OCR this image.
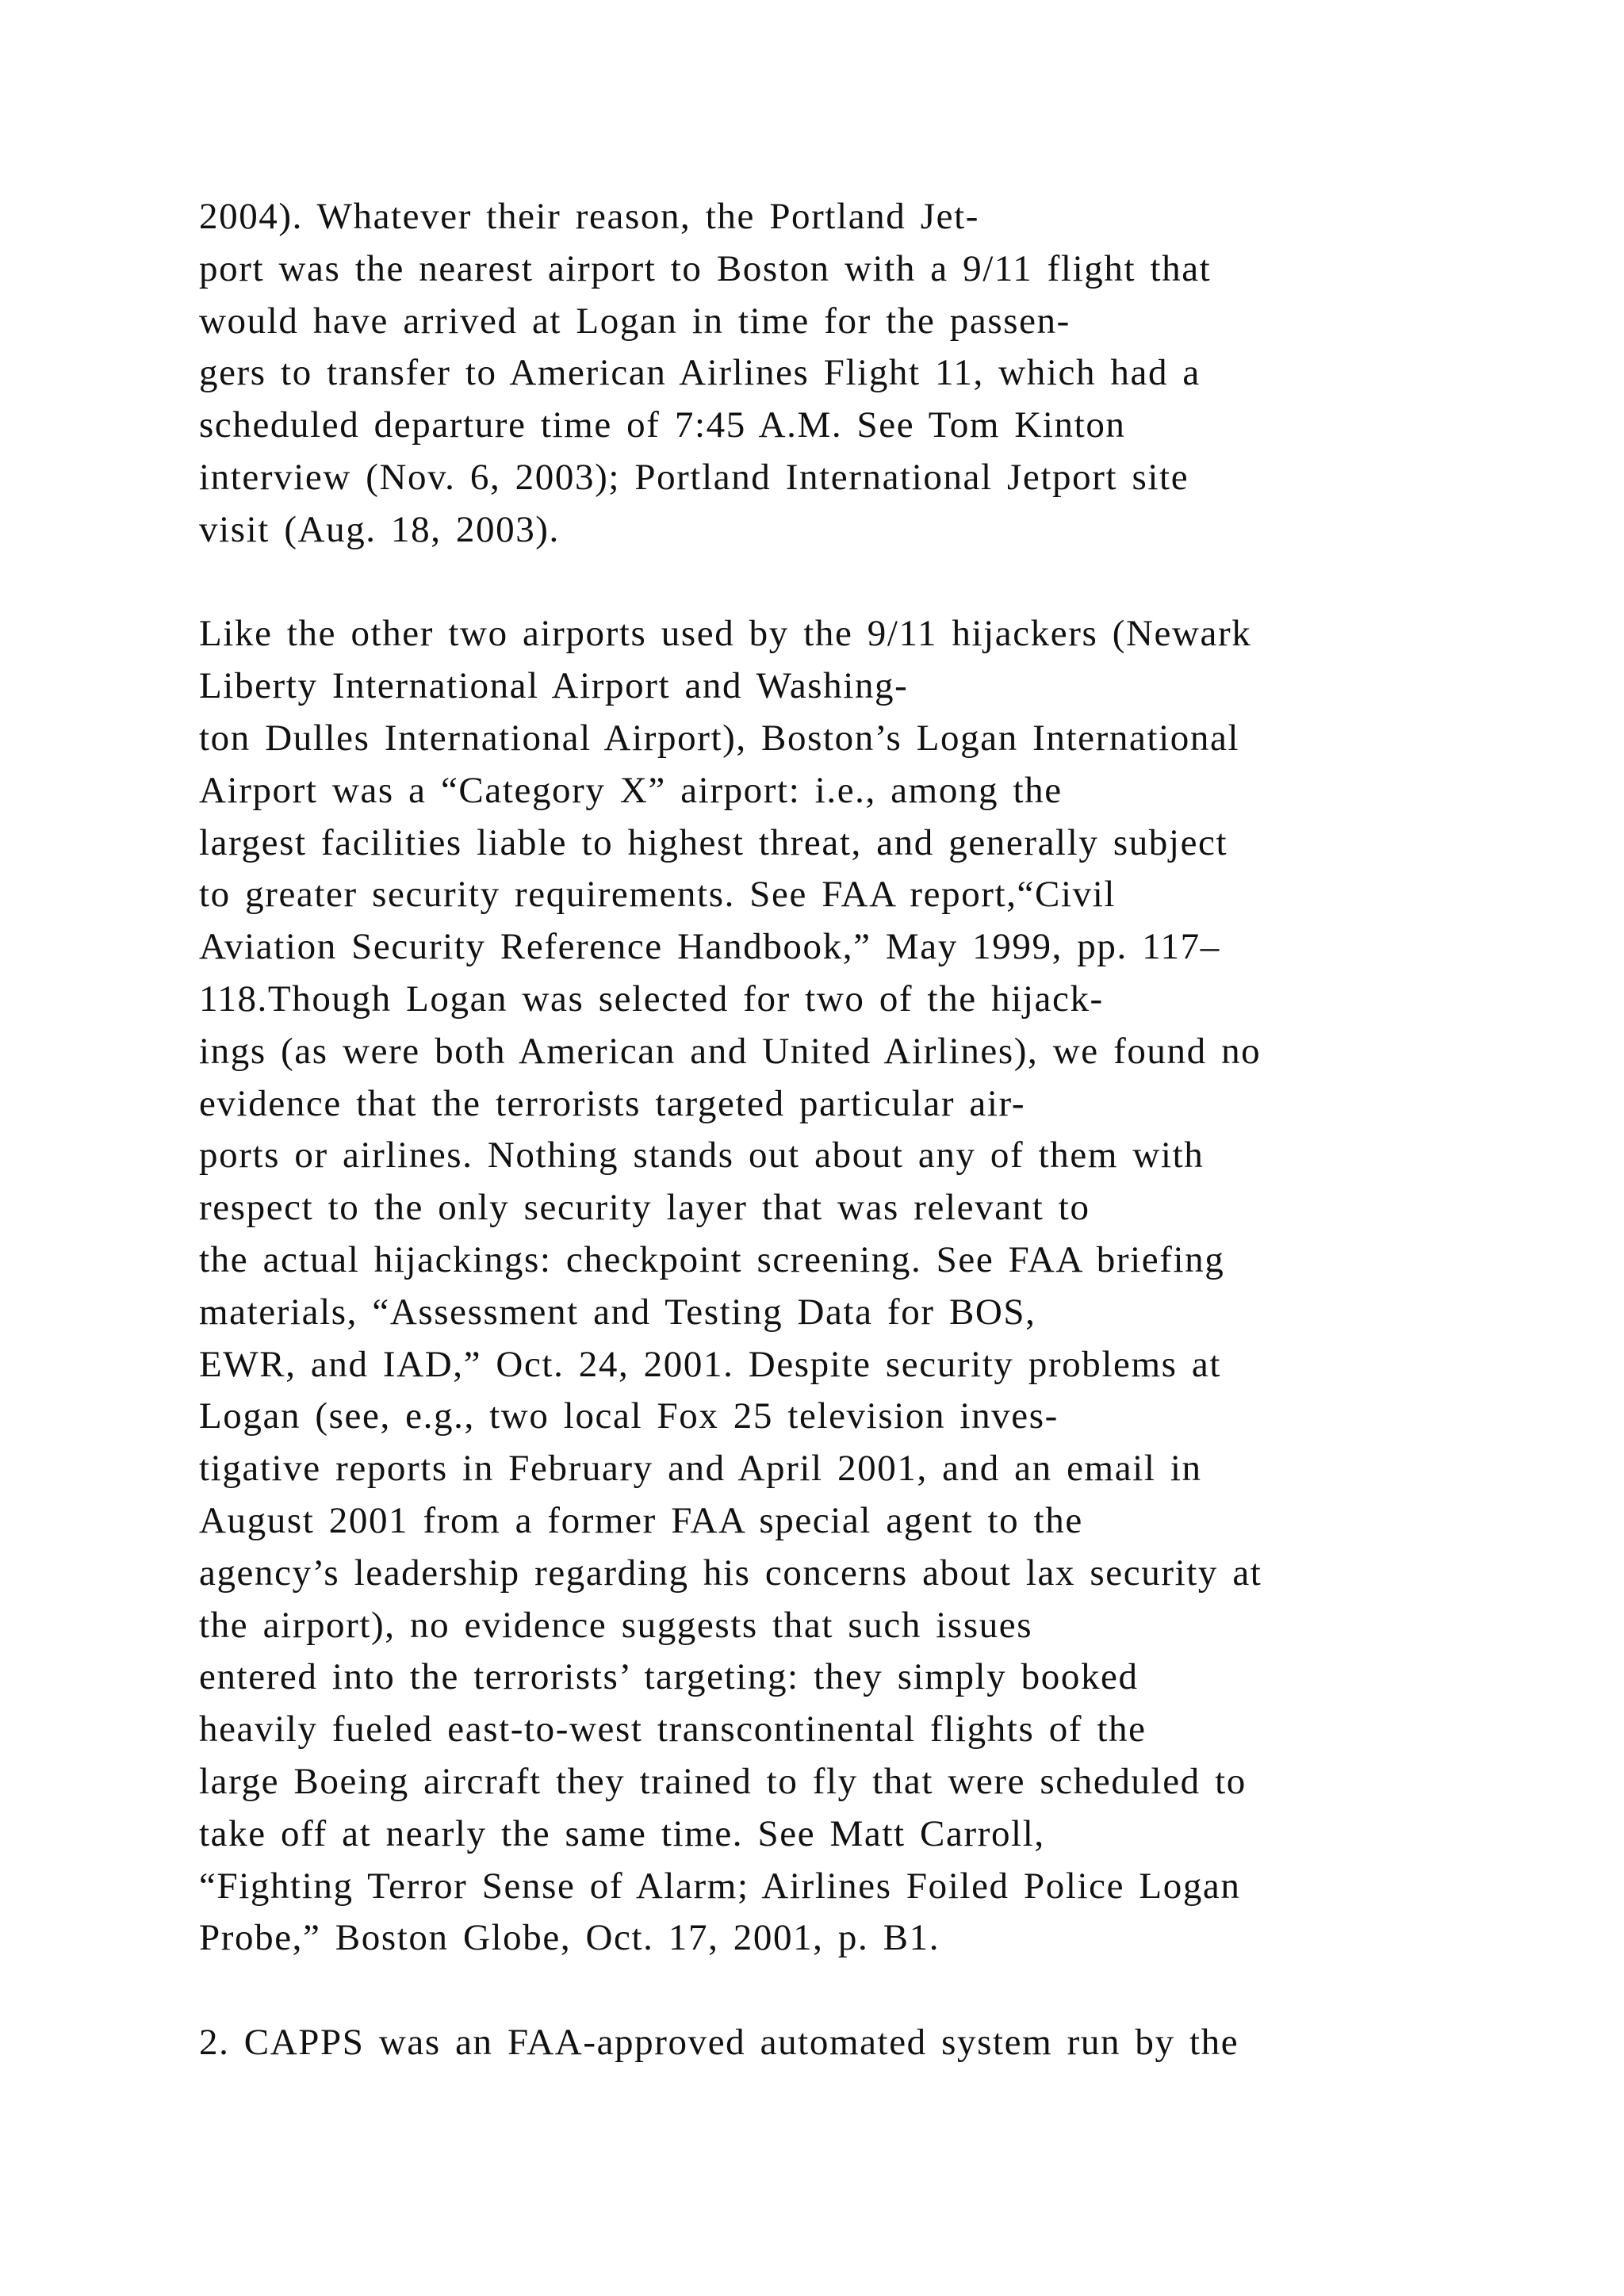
2004). Whatever their reason, the Portland Jet-
port was the nearest airport to Boston with a 9/11 flight that
would have arrived at Logan in time for the passen-
gers to transfer to American Airlines Flight 11, which had a
scheduled departure time of 7:45 A.M. See Tom Kinton
interview (Nov. 6, 2003); Portland International Jetport site
visit (Aug. 18, 2003).
Like the other two airports used by the 9/11 hijackers (Newark
Liberty International Airport and Washing-
ton Dulles International Airport), Boston’s Logan International
Airport was a “Category X” airport: i.e., among the
largest facilities liable to highest threat, and generally subject
to greater security requirements. See FAA report,“Civil
Aviation Security Reference Handbook,” May 1999, pp. 117–
118.Though Logan was selected for two of the hijack-
ings (as were both American and United Airlines), we found no
evidence that the terrorists targeted particular air-
ports or airlines. Nothing stands out about any of them with
respect to the only security layer that was relevant to
the actual hijackings: checkpoint screening. See FAA briefing
materials, “Assessment and Testing Data for BOS,
EWR, and IAD,” Oct. 24, 2001. Despite security problems at
Logan (see, e.g., two local Fox 25 television inves-
tigative reports in February and April 2001, and an email in
August 2001 from a former FAA special agent to the
agency’s leadership regarding his concerns about lax security at
the airport), no evidence suggests that such issues
entered into the terrorists’ targeting: they simply booked
heavily fueled east-to-west transcontinental flights of the
large Boeing aircraft they trained to fly that were scheduled to
take off at nearly the same time. See Matt Carroll,
“Fighting Terror Sense of Alarm; Airlines Foiled Police Logan
Probe,” Boston Globe, Oct. 17, 2001, p. B1.
2. CAPPS was an FAA-approved automated system run by the
